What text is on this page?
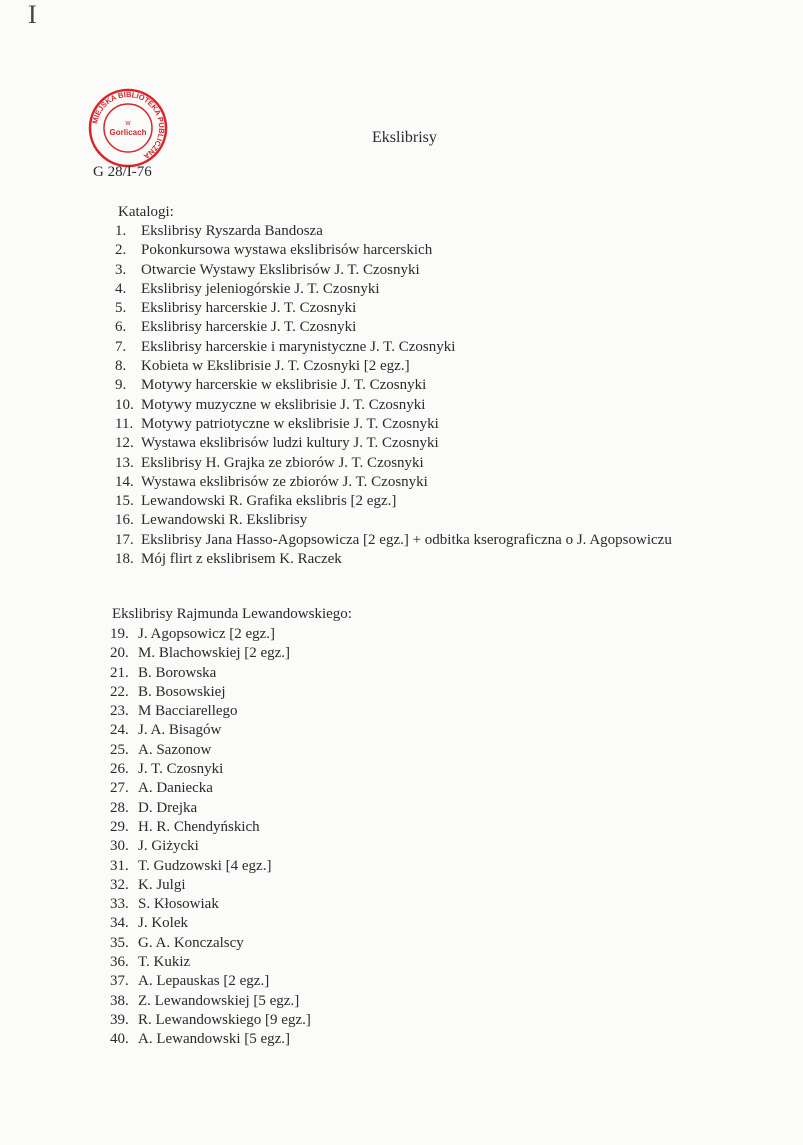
I
MIEJSKA BIBLIOTEKA PUBLICZNA
w
Gorlicach	Ekslibrisy
G 28/I-76
Katalogi:
1. Ekslibrisy Ryszarda Bandosza
2. Pokonkursowa wystawa ekslibrisów harcerskich
3. Otwarcie Wystawy Ekslibrisów J. T. Czosnyki
4. Ekslibrisy jeleniogórskie J. T. Czosnyki
5. Ekslibrisy harcerskie J. T. Czosnyki
6. Ekslibrisy harcerskie J. T. Czosnyki
7. Ekslibrisy harcerskie i marynistyczne J. T. Czosnyki
8. Kobieta w Ekslibrisie J. T. Czosnyki [2 egz.]
9. Motywy harcerskie w ekslibrisie J. T. Czosnyki
10. Motywy muzyczne w ekslibrisie J. T. Czosnyki
11. Motywy patriotyczne w ekslibrisie J. T. Czosnyki
12. Wystawa ekslibrisów ludzi kultury J. T. Czosnyki
13. Ekslibrisy H. Grajka ze zbiorów J. T. Czosnyki
14. Wystawa ekslibrisów ze zbiorów J. T. Czosnyki
15. Lewandowski R. Grafika ekslibris [2 egz.]
16. Lewandowski R. Ekslibrisy
17. Ekslibrisy Jana Hasso-Agopsowicza [2 egz.] + odbitka kserograficzna o J. Agopsowiczu
18. Mój flirt z ekslibrisem K. Raczek
Ekslibrisy Rajmunda Lewandowskiego:
19. J. Agopsowicz [2 egz.]
20. M. Blachowskiej [2 egz.]
21. B. Borowska
22. B. Bosowskiej
23. M Bacciarellego
24. J. A. Bisagów
25. A. Sazonow
26. J. T. Czosnyki
27. A. Daniecka
28. D. Drejka
29. H. R. Chendyńskich
30. J. Giżycki
31. T. Gudzowski [4 egz.]
32. K. Julgi
33. S. Kłosowiak
34. J. Kolek
35. G. A. Konczalscy
36. T. Kukiz
37. A. Lepauskas [2 egz.]
38. Z. Lewandowskiej [5 egz.]
39. R. Lewandowskiego [9 egz.]
40. A. Lewandowski [5 egz.]
